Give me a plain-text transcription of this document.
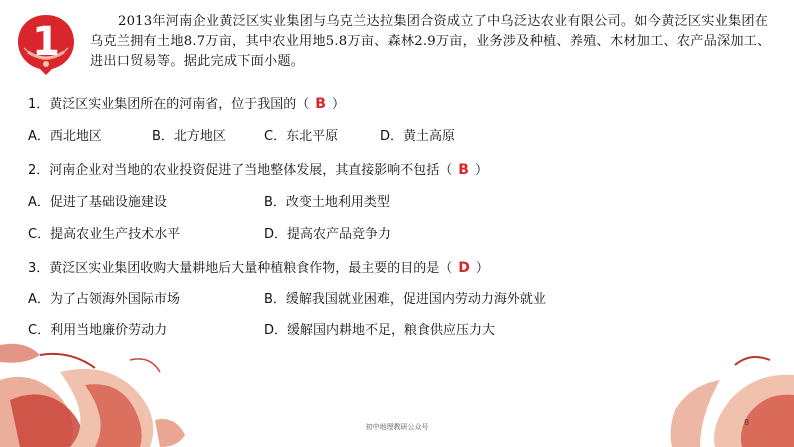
1	2013年河南企业黄泛区实业集团与乌克兰达拉集团合资成立了中乌泛达农业有限公司。如今黄泛区实业集团在乌克兰拥有土地8.7万亩，其中农业用地5.8万亩、森林2.9万亩，业务涉及种植、养殖、木材加工、农产品深加工、进出口贸易等。据此完成下面小题。
1．黄泛区实业集团所在的河南省，位于我国的（ B ）
A．西北地区	B．北方地区	C．东北平原	D．黄土高原
2．河南企业对当地的农业投资促进了当地整体发展，其直接影响不包括（ B ）
A．促进了基础设施建设	B．改变土地利用类型
C．提高农业生产技术水平	D．提高农产品竞争力
3．黄泛区实业集团收购大量耕地后大量种植粮食作物，最主要的目的是（ D ）
A．为了占领海外国际市场	B．缓解我国就业困难，促进国内劳动力海外就业
C．利用当地廉价劳动力	D．缓解国内耕地不足，粮食供应压力大
初中地理教研公众号	8
